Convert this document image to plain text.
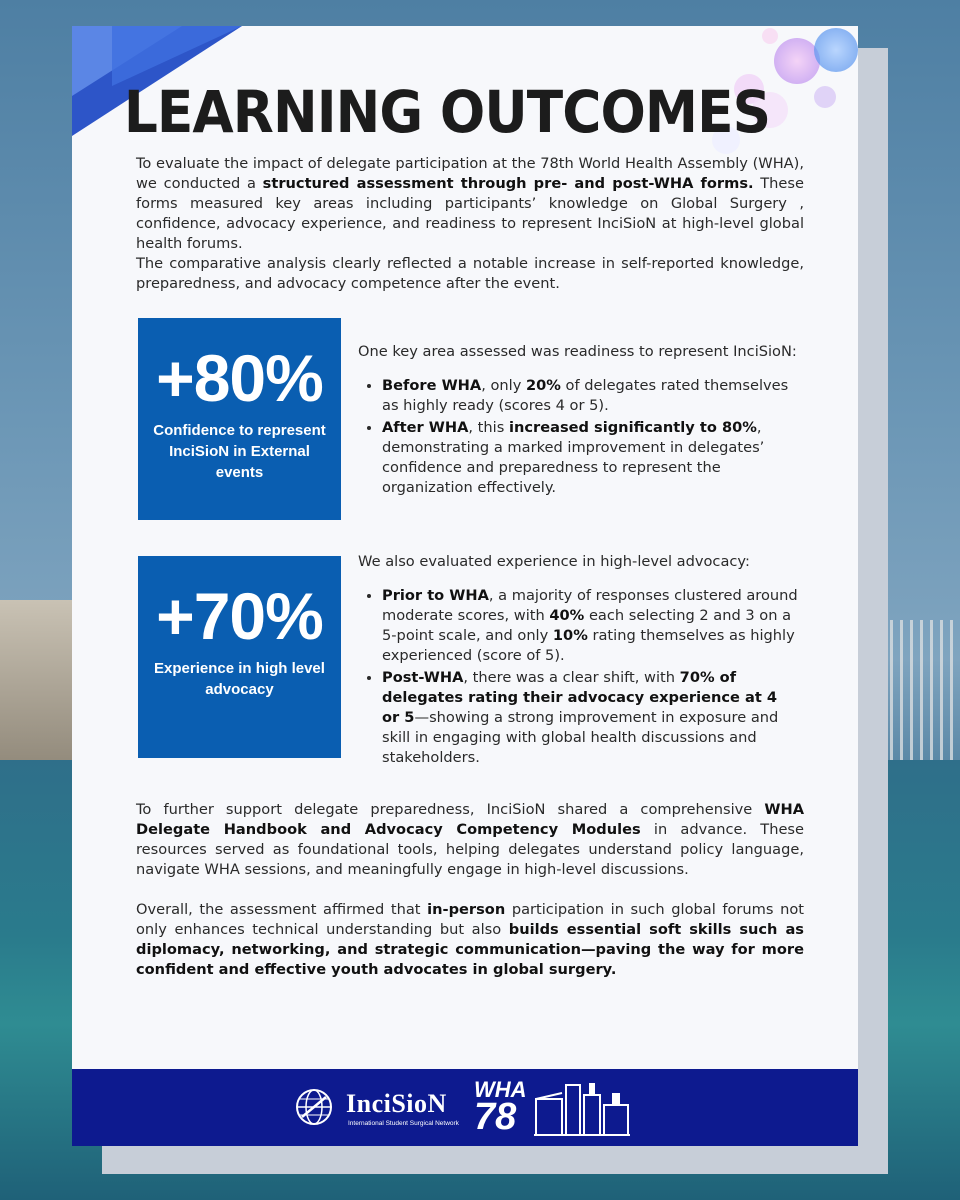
LEARNING OUTCOMES

To evaluate the impact of delegate participation at the 78th World Health Assembly (WHA), we conducted a structured assessment through pre- and post-WHA forms. These forms measured key areas including participants’ knowledge on Global Surgery , confidence, advocacy experience, and readiness to represent InciSioN at high-level global health forums.

The comparative analysis clearly reflected a notable increase in self-reported knowledge, preparedness, and advocacy competence after the event.

+80%
Confidence to represent InciSioN in External events

One key area assessed was readiness to represent InciSioN:

• Before WHA, only 20% of delegates rated themselves as highly ready (scores 4 or 5).
• After WHA, this increased significantly to 80%, demonstrating a marked improvement in delegates’ confidence and preparedness to represent the organization effectively.
+70%
Experience in high level advocacy

We also evaluated experience in high-level advocacy:

• Prior to WHA, a majority of responses clustered around moderate scores, with 40% each selecting 2 and 3 on a 5-point scale, and only 10% rating themselves as highly experienced (score of 5).
• Post-WHA, there was a clear shift, with 70% of delegates rating their advocacy experience at 4 or 5—showing a strong improvement in exposure and skill in engaging with global health discussions and stakeholders.

To further support delegate preparedness, InciSioN shared a comprehensive WHA Delegate Handbook and Advocacy Competency Modules in advance. These resources served as foundational tools, helping delegates understand policy language, navigate WHA sessions, and meaningfully engage in high-level discussions.

Overall, the assessment affirmed that in-person participation in such global forums not only enhances technical understanding but also builds essential soft skills such as diplomacy, networking, and strategic communication—paving the way for more confident and effective youth advocates in global surgery.

InciSioN
International Student Surgical Network
WHA
78
